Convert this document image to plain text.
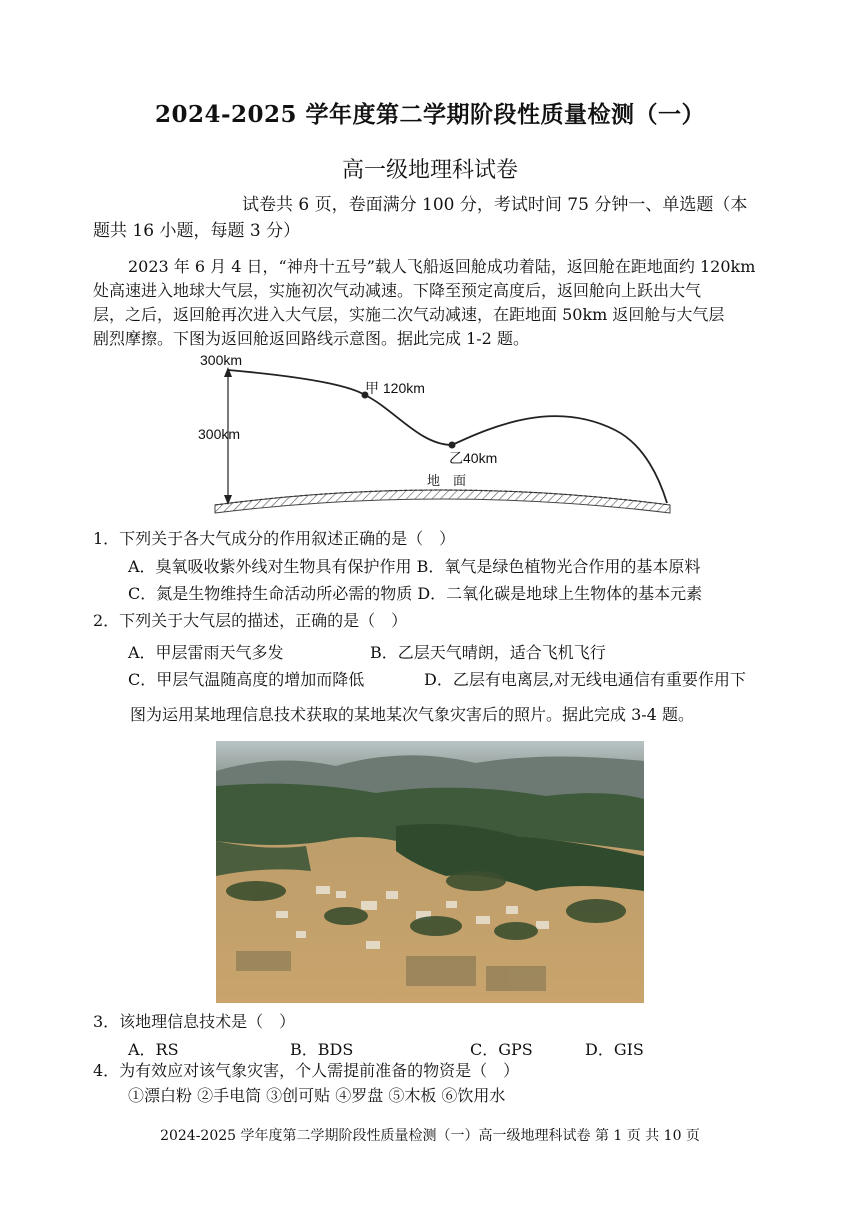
2024-2025 学年度第二学期阶段性质量检测（一）
高一级地理科试卷
试卷共 6 页，卷面满分 100 分，考试时间 75 分钟一、单选题（本
题共 16 小题，每题 3 分）
2023 年 6 月 4 日，“神舟十五号”载人飞船返回舱成功着陆，返回舱在距地面约 120km
处高速进入地球大气层，实施初次气动减速。下降至预定高度后，返回舱向上跃出大气
层，之后，返回舱再次进入大气层，实施二次气动减速，在距地面 50km 返回舱与大气层
剧烈摩擦。下图为返回舱返回路线示意图。据此完成 1-2 题。
300km
300km
甲 120km
乙40km
地　面
1．下列关于各大气成分的作用叙述正确的是（　）
A．臭氧吸收紫外线对生物具有保护作用 B．氧气是绿色植物光合作用的基本原料
C．氮是生物维持生命活动所必需的物质 D．二氧化碳是地球上生物体的基本元素
2．下列关于大气层的描述，正确的是（　）
A．甲层雷雨天气多发	B．乙层天气晴朗，适合飞机飞行
C．甲层气温随高度的增加而降低	D．乙层有电离层,对无线电通信有重要作用下
图为运用某地理信息技术获取的某地某次气象灾害后的照片。据此完成 3-4 题。
3．该地理信息技术是（　）
A．RS	B．BDS	C．GPS	D．GIS
4．为有效应对该气象灾害，个人需提前准备的物资是（　）
①漂白粉 ②手电筒 ③创可贴 ④罗盘 ⑤木板 ⑥饮用水
2024-2025 学年度第二学期阶段性质量检测（一）高一级地理科试卷 第 1 页 共 10 页
